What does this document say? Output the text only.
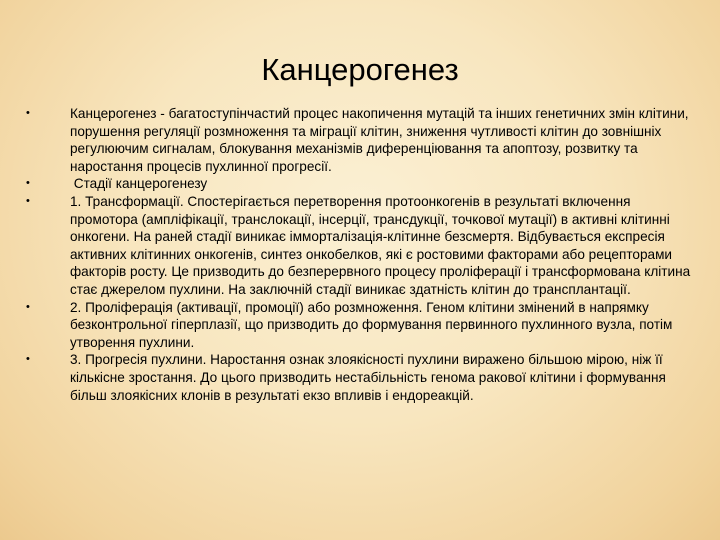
Канцерогенез
•	Канцерогенез - багатоступінчастий процес накопичення мутацій та інших генетичних змін клітини, порушення регуляції розмноження та міграції клітин, зниження чутливості клітин до зовнішніх регулюючим сигналам, блокування механізмів диференціювання та апоптозу, розвитку та наростання процесів пухлинної прогресії.
•	Стадії канцерогенезу
•	1. Трансформації. Спостерігається перетворення протоонкогенів в результаті включення промотора (ампліфікації, транслокації, інсерції, трансдукції, точкової мутації) в активні клітинні онкогени. На раней стадії виникає імморталізація-клітинне безсмертя. Відбувається експресія активних клітинних онкогенів, синтез онкобелков, які є ростовими факторами або рецепторами факторів росту. Це призводить до безперервного процесу проліферації і трансформована клітина стає джерелом пухлини. На заключній стадії виникає здатність клітин до трансплантації.
•	2. Проліферація (активації, промоції) або розмноження. Геном клітини змінений в напрямку безконтрольної гіперплазії, що призводить до формування первинного пухлинного вузла, потім утворення пухлини.
•	3. Прогресія пухлини. Наростання ознак злоякісності пухлини виражено більшою мірою, ніж її кількісне зростання. До цього призводить нестабільність генома ракової клітини і формування більш злоякісних клонів в результаті екзо впливів і ендореакцій.
